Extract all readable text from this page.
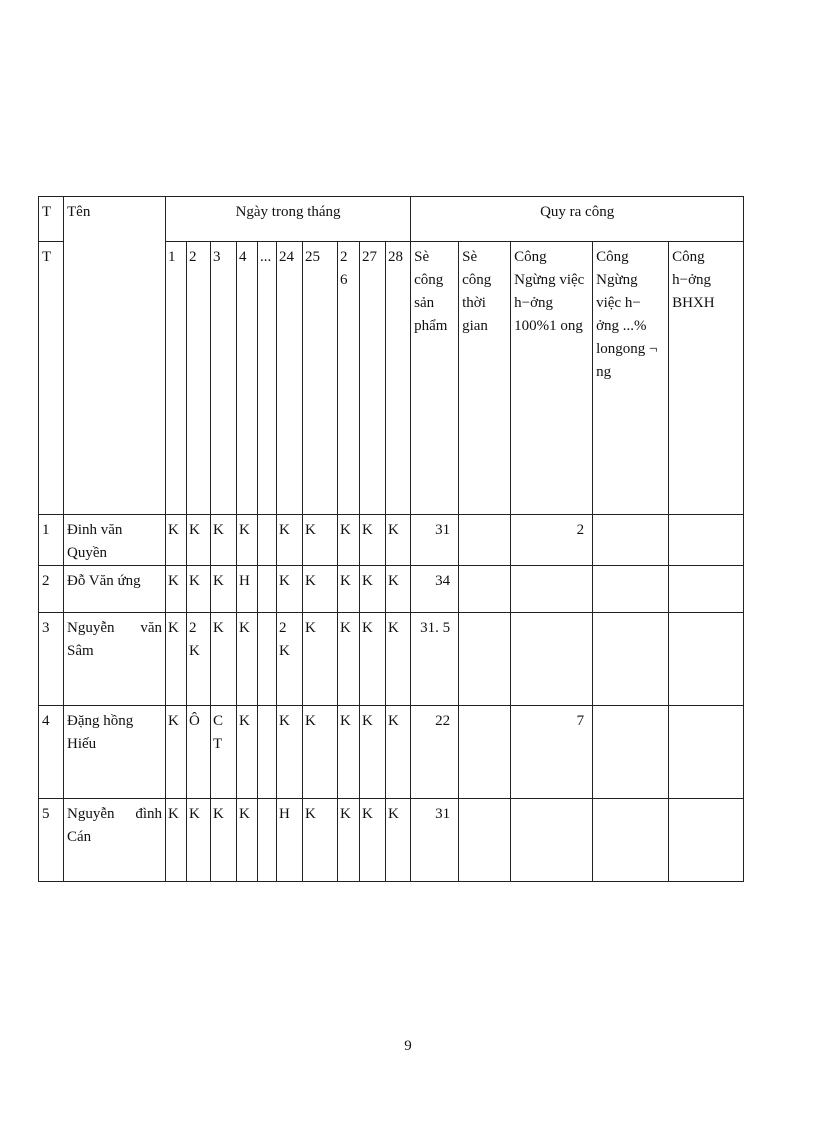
T	Tên	Ngày trong tháng										Quy ra công				
T		1	2	3	4	...	24	25	2 6	27	28	Sè công sản phẩm	Sè công thời gian	Công Ngừng việc h−ởng 100%1 ong	Công Ngừng việc h− ởng ...% longong ¬ ng	Công h−ởng BHXH
1	Đinh văn Quyền	K	K	K	K		K	K	K	K	K	31		2		
2	Đỗ Văn ứng	K	K	K	H		K	K	K	K	K	34				
3	Nguyễn văn Sâm	K	2 K	K	K		2 K	K	K	K	K	31. 5				
4	Đặng hồng Hiếu	K	Ô	C T	K		K	K	K	K	K	22		7		
5	Nguyễn đình Cán	K	K	K	K		H	K	K	K	K	31				
9
